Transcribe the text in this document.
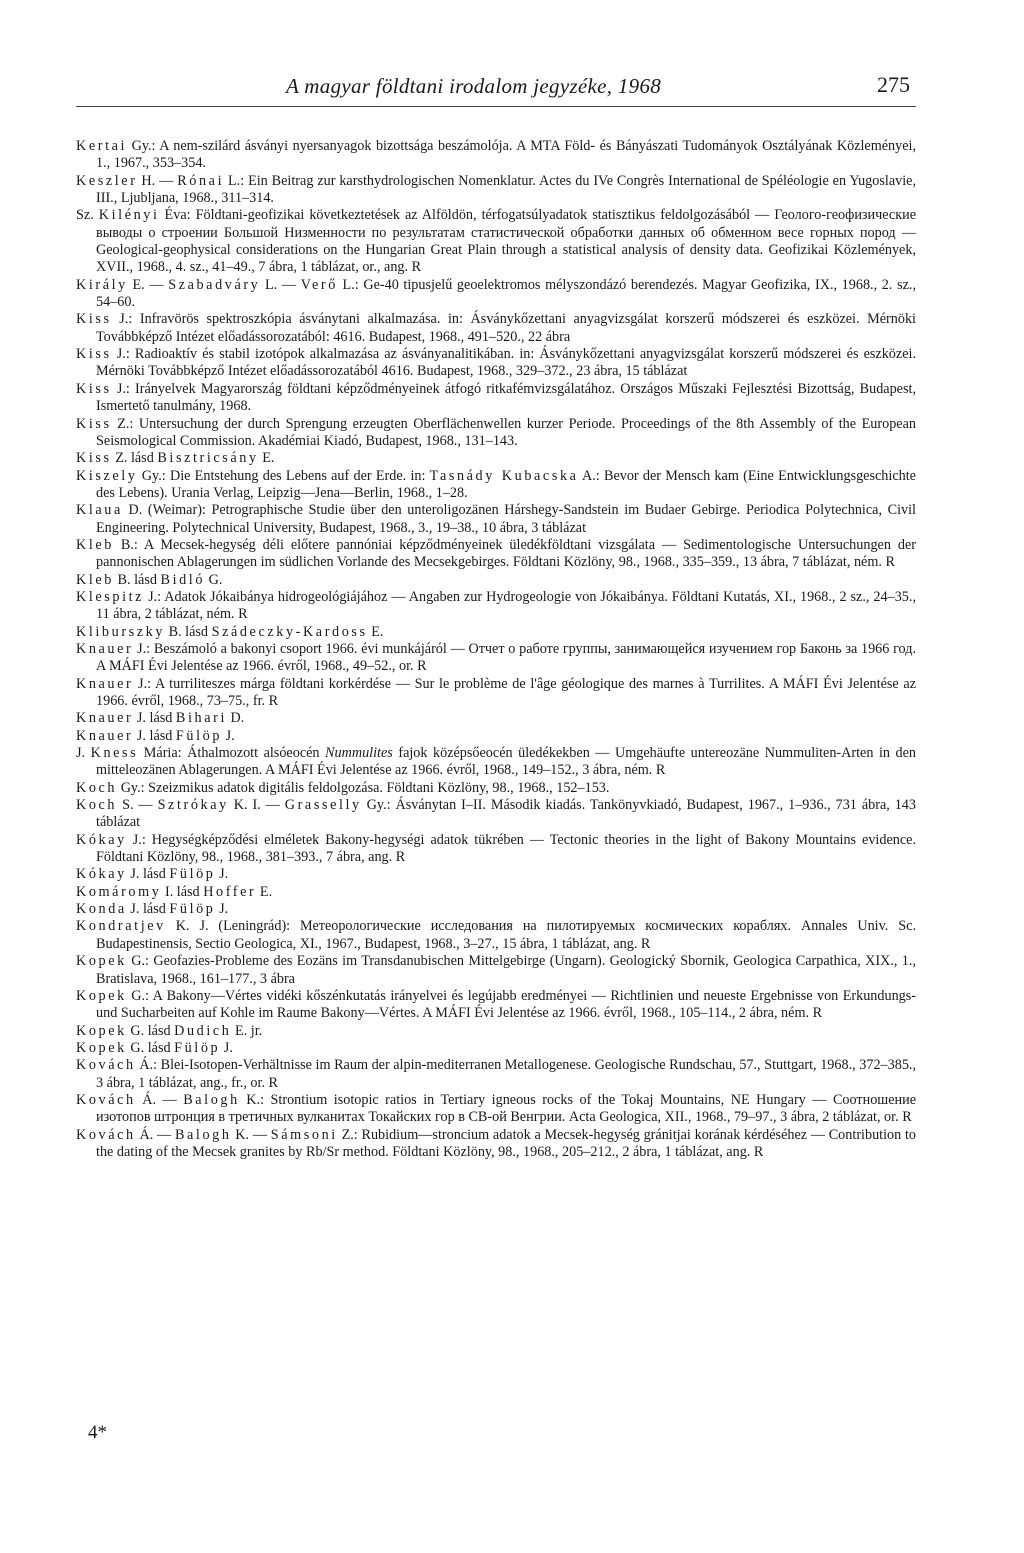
A magyar földtani irodalom jegyzéke, 1968	275

Kertai Gy.: A nem-szilárd ásványi nyersanyagok bizottsága beszámolója. A MTA Föld- és Bányászati Tudományok Osztályának Közleményei, 1., 1967., 353–354.

Keszler H. — Rónai L.: Ein Beitrag zur karsthydrologischen Nomenklatur. Actes du IVe Congrès International de Spéléologie en Yugoslavie, III., Ljubljana, 1968., 311–314.

Sz. Kilényi Éva: Földtani-geofizikai következtetések az Alföldön, térfogatsúlyadatok statisztikus feldolgozásából — Геолого-геофизические выводы о строении Большой Низменности по результатам статистической обработки данных об обменном весе горных пород — Geological-geophysical considerations on the Hungarian Great Plain through a statistical analysis of density data. Geofizikai Közlemények, XVII., 1968., 4. sz., 41–49., 7 ábra, 1 táblázat, or., ang. R

Király E. — Szabadváry L. — Verő L.: Ge-40 tipusjelű geoelektromos mélyszondázó berendezés. Magyar Geofizika, IX., 1968., 2. sz., 54–60.

Kiss J.: Infravörös spektroszkópia ásványtani alkalmazása. in: Ásványkőzettani anyagvizsgálat korszerű módszerei és eszközei. Mérnöki Továbbképző Intézet előadássorozatából: 4616. Budapest, 1968., 491–520., 22 ábra

Kiss J.: Radioaktív és stabil izotópok alkalmazása az ásványanalitikában. in: Ásványkőzettani anyagvizsgálat korszerű módszerei és eszközei. Mérnöki Továbbképző Intézet előadássorozatából 4616. Budapest, 1968., 329–372., 23 ábra, 15 táblázat

Kiss J.: Irányelvek Magyarország földtani képződményeinek átfogó ritkafémvizsgálatához. Országos Műszaki Fejlesztési Bizottság, Budapest, Ismertető tanulmány, 1968.

Kiss Z.: Untersuchung der durch Sprengung erzeugten Oberflächenwellen kurzer Periode. Proceedings of the 8th Assembly of the European Seismological Commission. Akadémiai Kiadó, Budapest, 1968., 131–143.

Kiss Z. lásd Bisztricsány E.

Kiszely Gy.: Die Entstehung des Lebens auf der Erde. in: Tasnády Kubacska A.: Bevor der Mensch kam (Eine Entwicklungsgeschichte des Lebens). Urania Verlag, Leipzig—Jena—Berlin, 1968., 1–28.

Klaua D. (Weimar): Petrographische Studie über den unteroligozänen Hárshegy-Sandstein im Budaer Gebirge. Periodica Polytechnica, Civil Engineering. Polytechnical University, Budapest, 1968., 3., 19–38., 10 ábra, 3 táblázat

Kleb B.: A Mecsek-hegység déli előtere pannóniai képződményeinek üledékföldtani vizsgálata — Sedimentologische Untersuchungen der pannonischen Ablagerungen im südlichen Vorlande des Mecsekgebirges. Földtani Közlöny, 98., 1968., 335–359., 13 ábra, 7 táblázat, ném. R

Kleb B. lásd Bidló G.

Klespitz J.: Adatok Jókaibánya hidrogeológiájához — Angaben zur Hydrogeologie von Jókaibánya. Földtani Kutatás, XI., 1968., 2 sz., 24–35., 11 ábra, 2 táblázat, ném. R

Kliburszky B. lásd Szádeczky-Kardoss E.

Knauer J.: Beszámoló a bakonyi csoport 1966. évi munkájáról — Отчет о работе группы, занимающейся изучением гор Баконь за 1966 год. A MÁFI Évi Jelentése az 1966. évről, 1968., 49–52., or. R

Knauer J.: A turriliteszes márga földtani korkérdése — Sur le problème de l'âge géologique des marnes à Turrilites. A MÁFI Évi Jelentése az 1966. évről, 1968., 73–75., fr. R

Knauer J. lásd Bihari D.

Knauer J. lásd Fülöp J.

J. Kness Mária: Áthalmozott alsóeocén Nummulites fajok középsőeocén üledékekben — Umgehäufte untereozäne Nummuliten-Arten in den mitteleozänen Ablagerungen. A MÁFI Évi Jelentése az 1966. évről, 1968., 149–152., 3 ábra, ném. R

Koch Gy.: Szeizmikus adatok digitális feldolgozása. Földtani Közlöny, 98., 1968., 152–153.

Koch S. — Sztrókay K. I. — Grasselly Gy.: Ásványtan I–II. Második kiadás. Tankönyvkiadó, Budapest, 1967., 1–936., 731 ábra, 143 táblázat

Kókay J.: Hegységképződési elméletek Bakony-hegységi adatok tükrében — Tectonic theories in the light of Bakony Mountains evidence. Földtani Közlöny, 98., 1968., 381–393., 7 ábra, ang. R

Kókay J. lásd Fülöp J.

Komáromy I. lásd Hoffer E.

Konda J. lásd Fülöp J.

Kondratjev K. J. (Leningrád): Метеорологические исследования на пилотируемых космических кораблях. Annales Univ. Sc. Budapestinensis, Sectio Geologica, XI., 1967., Budapest, 1968., 3–27., 15 ábra, 1 táblázat, ang. R

Kopek G.: Geofazies-Probleme des Eozäns im Transdanubischen Mittelgebirge (Ungarn). Geologický Sbornik, Geologica Carpathica, XIX., 1., Bratislava, 1968., 161–177., 3 ábra

Kopek G.: A Bakony—Vértes vidéki kőszénkutatás irányelvei és legújabb eredményei — Richtlinien und neueste Ergebnisse von Erkundungs- und Sucharbeiten auf Kohle im Raume Bakony—Vértes. A MÁFI Évi Jelentése az 1966. évről, 1968., 105–114., 2 ábra, ném. R

Kopek G. lásd Dudich E. jr.

Kopek G. lásd Fülöp J.

Kovách Á.: Blei-Isotopen-Verhältnisse im Raum der alpin-mediterranen Metallogenese. Geologische Rundschau, 57., Stuttgart, 1968., 372–385., 3 ábra, 1 táblázat, ang., fr., or. R

Kovách Á. — Balogh K.: Strontium isotopic ratios in Tertiary igneous rocks of the Tokaj Mountains, NE Hungary — Соотношение изотопов штронция в третичных вулканитах Токайских гор в СВ-ой Венгрии. Acta Geologica, XII., 1968., 79–97., 3 ábra, 2 táblázat, or. R

Kovách Á. — Balogh K. — Sámsoni Z.: Rubidium—stroncium adatok a Mecsek-hegység gránitjai korának kérdéséhez — Contribution to the dating of the Mecsek granites by Rb/Sr method. Földtani Közlöny, 98., 1968., 205–212., 2 ábra, 1 táblázat, ang. R

4*
